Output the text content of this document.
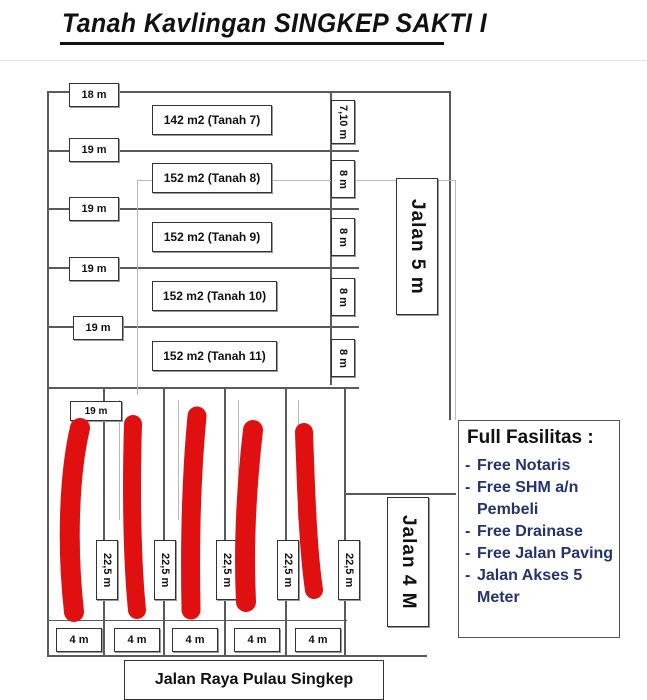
Tanah Kavlingan SINGKEP SAKTI I
18 m
19 m
19 m
19 m
19 m
142 m2 (Tanah 7)
152 m2 (Tanah 8)
152 m2 (Tanah 9)
152 m2 (Tanah 10)
152 m2 (Tanah 11)
7,10 m
8 m
8 m
8 m
8 m
Jalan 5 m
19 m
22,5 m	22,5 m	22,5 m	22,5 m	22,5 m
4 m	4 m	4 m	4 m	4 m
Jalan 4 M
Jalan Raya Pulau Singkep
Full Fasilitas :
- Free Notaris
- Free SHM a/n Pembeli
- Free Drainase
- Free Jalan Paving
- Jalan Akses 5 Meter
